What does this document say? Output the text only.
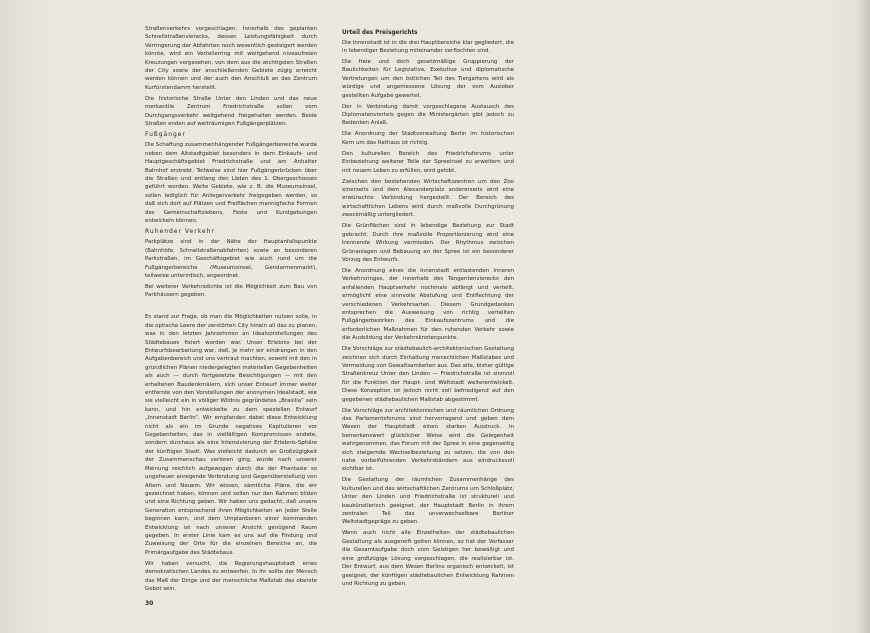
Straßenverkehrs vorgeschlagen. Innerhalb des geplanten Schnellstraßenvierecks, dessen Leistungsfähigkeit durch Verringerung der Abfahrten noch wesentlich gesteigert werden könnte, wird ein Verteilerring mit weitgehend niveaufreien Kreuzungen vorgesehen, von dem aus die wichtigsten Straßen der City sowie der anschließenden Gebiete zügig erreicht werden können und der auch den Anschluß an das Zentrum Kurfürstendamm herstellt.

Die historische Straße Unter den Linden und das neue merkantile Zentrum Friedrichstraße sollen vom Durchgangsverkehr weitgehend freigehalten werden. Beide Straßen enden auf weiträumigen Fußgängerplätzen.

Fußgänger

Die Schaffung zusammenhängender Fußgängerbereiche wurde neben dem Altstadtgebiet besonders in dem Einkaufs- und Hauptgeschäftsgebiet Friedrichstraße und am Anhalter Bahnhof erstrebt. Teilweise sind hier Fußgängerbrücken über die Straßen und entlang den Läden des 1. Obergeschosses geführt worden. Weite Gebiete, wie z. B. die Museumsinsel, sollen lediglich für Anliegerverkehr freigegeben werden, so daß sich dort auf Plätzen und Freiflächen mannigfache Formen des Gemeinschaftslebens, Feste und Kundgebungen entwickeln können.

Ruhender Verkehr

Parkplätze sind in der Nähe der Hauptanfallspunkte (Bahnhöfe, Schnellstraßenabfahrten) sowie an besonderen Parkstraßen, im Geschäftsgebiet wie auch rund um die Fußgängerbereiche (Museumsinsel, Gendarmenmarkt), teilweise unterirdisch, angeordnet.

Bei weiterer Verkehrsdichte ist die Möglichkeit zum Bau von Parkhäusern gegeben.

Es stand zur Frage, ob man die Möglichkeiten nutzen solle, in die optische Leere der zerstörten City hinein all das zu planen, was in den letzten Jahrzehnten an Idealvorstellungen des Städtebaues fixiert worden war. Unser Erlebnis bei der Entwurfsbearbeitung war, daß, je mehr wir eindrangen in den Aufgabenbereich und uns vertraut machten, sowohl mit den in gründlichen Plänen niedergelegten materiellen Gegebenheiten als auch — durch fortgesetzte Besichtigungen — mit den erhaltenen Baudenkmälern, sich unser Entwurf immer weiter entfernte von den Vorstellungen der anonymen Idealstadt, wie sie vielleicht ein in völliger Wildnis gegründetes „Brasilia“ sein kann, und hin entwickelte zu dem speziellen Entwurf „Innenstadt Berlin“. Wir empfanden dabei diese Entwicklung nicht als ein im Grunde negatives Kapitulieren vor Gegebenheiten, das in vielfältigen Kompromissen endete, sondern durchaus als eine Intensivierung der Erlebnis-Sphäre der künftigen Stadt. Was vielleicht dadurch an Großzügigkeit der Zusammenschau verloren ging, wurde nach unserer Meinung reichlich aufgewogen durch die der Phantasie so ungeheuer anregende Verbindung und Gegenüberstellung von Altem und Neuem. Wir wissen, sämtliche Pläne, die wir gezeichnet haben, können und sollen nur den Rahmen bilden und eine Richtung geben. Wir haben uns gedacht, daß unsere Generation entsprechend ihren Möglichkeiten an jeder Stelle beginnen kann, und dem Umplanboren einer kommenden Entwicklung ist nach unserer Ansicht genügend Raum gegeben. In erster Linie kam es uns auf die Findung und Zuweisung der Orte für die einzelnen Bereiche an, die Primärgaufgabe des Städtebaus.

Wir haben versucht, die Regierungshauptstadt eines demokratischen Landes zu entwerfen. In ihr sollte der Mensch das Maß der Dinge und der menschliche Maßstab das oberste Gebot sein.

Urteil des Preisgerichts

Die Innenstadt ist in die drei Hauptbereiche klar gegliedert, die in lebendiger Beziehung miteinander verflochten sind.

Die freie und doch gesetzmäßige Gruppierung der Baulichkeiten für Legislative, Exekutive und diplomatische Vertretungen um den östlichen Teil des Tiergartens wird als würdige und angemessene Lösung der vom Auslober gestellten Aufgabe gewertet.

Der in Verbindung damit vorgeschlagene Austausch des Diplomatenviertels gegen die Ministergärten gibt jedoch zu Bedenken Anlaß.

Die Anordnung der Stadtverwaltung Berlin im historischen Kern um das Rathaus ist richtig.

Den kulturellen Bereich des Friedrichsforums unter Einbeziehung weiterer Teile der Spreeinsel zu erweitern und mit neuem Leben zu erfüllen, wird gelobt.

Zwischen den bestehenden Wirtschaftszentren um den Zoo einerseits und dem Alexanderplatz andererseits wird eine erwünschte Verbindung hergestellt. Der Bereich des wirtschaftlichen Lebens wird durch maßvolle Durchgrünung zweckmäßig untergliedert.

Die Grünflächen sind in lebendige Beziehung zur Stadt gebracht. Durch ihre maßvolle Proportionierung wird eine trennende Wirkung vermieden. Der Rhythmus zwischen Grünanlagen und Bebauung an der Spree ist ein besonderer Vorzug des Entwurfs.

Die Anordnung eines die Innenstadt entlastenden inneren Verkehrsringes, der innerhalb des Tangentenvierecks den anfallenden Hauptverkehr nochmals abfängt und verteilt, ermöglicht eine sinnvolle Abstufung und Entflechtung der verschiedenen Verkehrsarten. Diesem Grundgedanken entsprechen die Ausweisung von richtig verteilten Fußgängerbezirken des Einkaufszentrums und die erforderlichen Maßnahmen für den ruhenden Verkehr sowie die Ausbildung der Verkehrsknotenpunkte.

Die Vorschläge zur städtebaulich-architektonischen Gestaltung zeichnen sich durch Einhaltung menschlichen Maßstabes und Vermeidung von Gewaltsamkeiten aus. Das alte, bisher gültige Straßenkreuz Unter den Linden — Friedrichstraße ist sinnvoll für die Funktion der Haupt- und Weltstadt weiterentwickelt. Diese Konzeption ist jedoch nicht voll befriedigend auf den gegebenen städtebaulichen Maßstab abgestimmt.

Die Vorschläge zur architektonischen und räumlichen Ordnung des Parlamentsforums sind hervorragend und geben dem Wesen der Hauptstadt einen starken Ausdruck. In bemerkenswert glücklicher Weise wird die Gelegenheit wahrgenommen, das Forum mit der Spree in eine gegenseitig sich steigernde Wechselbeziehung zu setzen, die von den nahe vorbeiführenden Verkehrsbändern aus eindrucksvoll sichtbar ist.

Die Gestaltung der räumlichen Zusammenhänge des kulturellen und des wirtschaftlichen Zentrums um Schloßplatz, Unter den Linden und Friedrichstraße ist strukturell und baukünstlerisch geeignet, der Hauptstadt Berlin in ihrem zentralen Teil das unverwechselbare Berliner Weltstadtgepräge zu geben.

Wenn auch nicht alle Einzelheiten der städtebaulichen Gestaltung als ausgereift gelten können, so hat der Verfasser die Gesamtaufgabe doch vom Geistigen her bewältigt und eine großzügige Lösung vorgeschlagen, die realisierbar ist. Der Entwurf, aus dem Wesen Berlins organisch entwickelt, ist geeignet, der künftigen städtebaulichen Entwicklung Rahmen und Richtung zu geben.

30
